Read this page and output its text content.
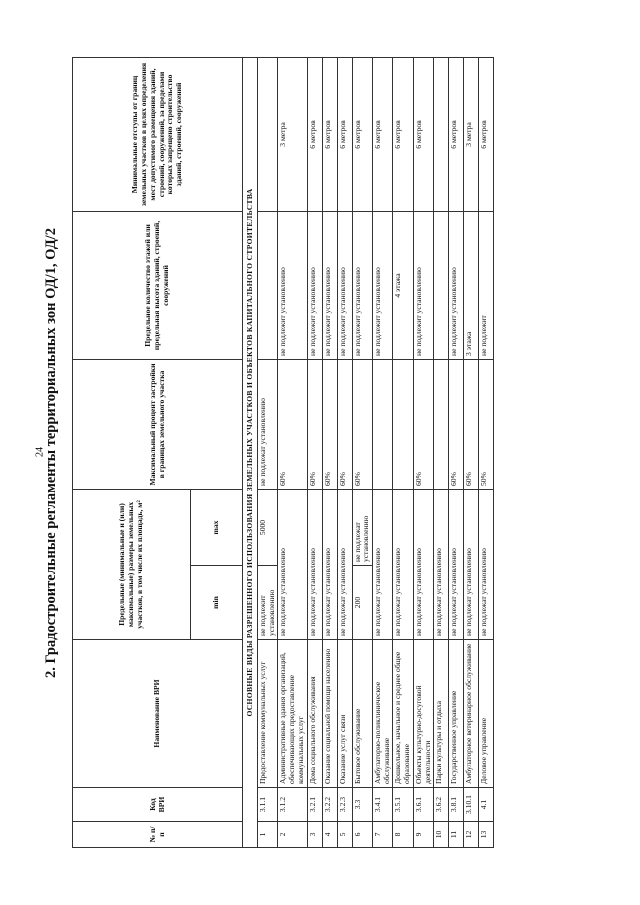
24
2. Градостроительные регламенты территориальных зон ОД/1, ОД/2
№ п/п	Код ВРИ	Наименование ВРИ	Предельные (минимальные и (или) максимальные) размеры земельных участков, в том числе их площадь, м²		Максимальный процент застройки в границах земельного участка	Предельное количество этажей или предельная высота зданий, строений, сооружений	Минимальные отступы от границ земельных участков в целях определения мест допустимого размещения зданий, строений, сооружений, за пределами которых запрещено строительство зданий, строений, сооружений
			min	max			
ОСНОВНЫЕ ВИДЫ РАЗРЕШЕННОГО ИСПОЛЬЗОВАНИЯ ЗЕМЕЛЬНЫХ УЧАСТКОВ И ОБЪЕКТОВ КАПИТАЛЬНОГО СТРОИТЕЛЬСТВА							
1	3.1.1	Предоставление коммунальных услуг	не подлежит установлению	5000	не подлежат установлению		
2	3.1.2	Административные здания организаций, обеспечивающих предоставление коммунальных услуг	не подлежат установлению		60%	не подлежит установлению	3 метра
3	3.2.1	Дома социального обслуживания	не подлежат установлению		60%	не подлежит установлению	6 метров
4	3.2.2	Оказание социальной помощи населению	не подлежат установлению		60%	не подлежит установлению	6 метров
5	3.2.3	Оказание услуг связи	не подлежат установлению		60%	не подлежит установлению	6 метров
6	3.3	Бытовое обслуживание	200	не подлежат установлению	60%	не подлежит установлению	6 метров
7	3.4.1	Амбулаторно-поликлиническое обслуживание	не подлежат установлению			не подлежит установлению	6 метров
8	3.5.1	Дошкольное, начальное и среднее общее образование	не подлежат установлению			4 этажа	6 метров
9	3.6.1	Объекты культурно-досуговой деятельности	не подлежат установлению		60%	не подлежит установлению	6 метров
10	3.6.2	Парки культуры и отдыха	не подлежат установлению				
11	3.8.1	Государственное управление	не подлежат установлению		60%	не подлежит установлению	6 метров
12	3.10.1	Амбулаторное ветеринарное обслуживание	не подлежат установлению		60%	3 этажа	3 метра
13	4.1	Деловое управление	не подлежат установлению		50%	не подлежит	6 метров
